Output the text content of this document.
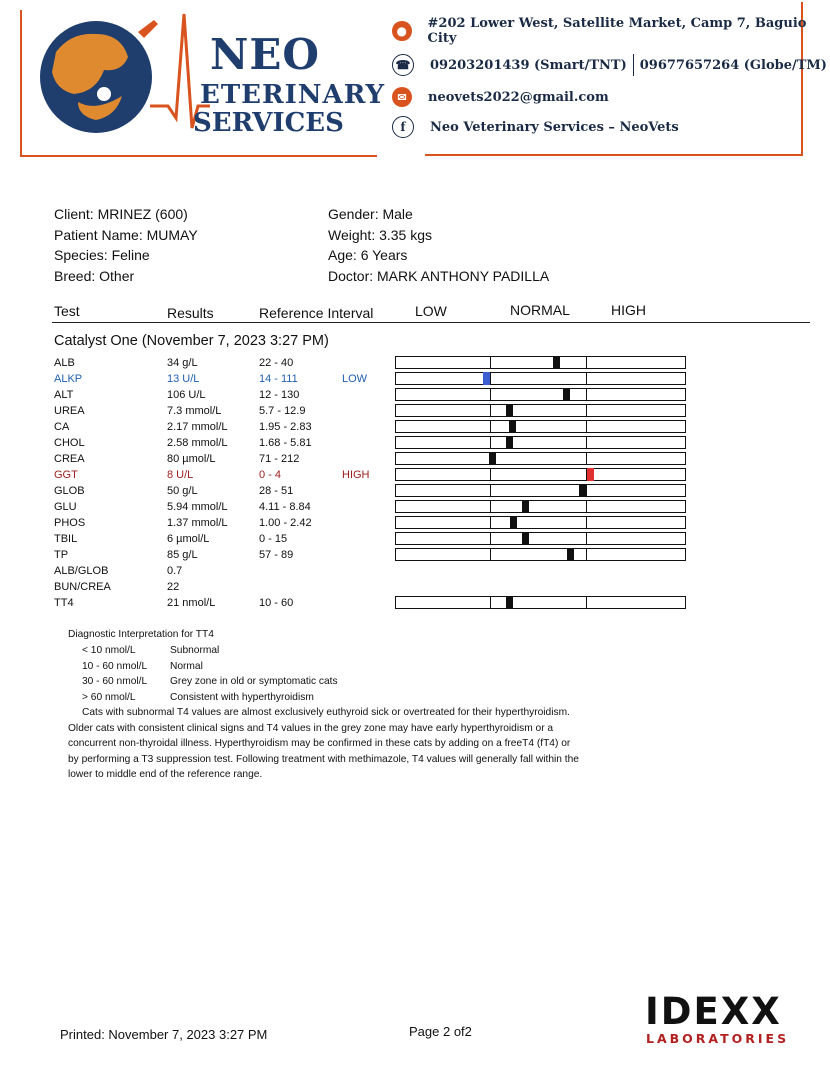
NEO
ETERINARY
SERVICES
●	#202 Lower West, Satellite Market, Camp 7, Baguio City
☎ 09203201439 (Smart/TNT) 09677657264 (Globe/TM)
✉	neovets2022@gmail.com
f	Neo Veterinary Services – NeoVets
Client: MRINEZ (600)
Patient Name: MUMAY
Species: Feline
Breed: Other
Gender: Male
Weight: 3.35 kgs
Age: 6 Years
Doctor: MARK ANTHONY PADILLA
Test	Results	Reference Interval	LOW	NORMAL	HIGH
Catalyst One (November 7, 2023 3:27 PM)
ALB	34 g/L	22 - 40
ALKP	13 U/L	14 - 111	LOW
ALT	106 U/L	12 - 130
UREA	7.3 mmol/L	5.7 - 12.9
CA	2.17 mmol/L	1.95 - 2.83
CHOL	2.58 mmol/L	1.68 - 5.81
CREA	80 µmol/L	71 - 212
GGT	8 U/L	0 - 4	HIGH
GLOB	50 g/L	28 - 51
GLU	5.94 mmol/L	4.11 - 8.84
PHOS	1.37 mmol/L	1.00 - 2.42
TBIL	6 µmol/L	0 - 15
TP	85 g/L	57 - 89
ALB/GLOB	0.7
BUN/CREA	22
TT4	21 nmol/L	10 - 60
Diagnostic Interpretation for TT4
< 10 nmol/L	Subnormal
10 - 60 nmol/L Normal
30 - 60 nmol/L Grey zone in old or symptomatic cats
> 60 nmol/L	Consistent with hyperthyroidism
Cats with subnormal T4 values are almost exclusively euthyroid sick or overtreated for their hyperthyroidism.
Older cats with consistent clinical signs and T4 values in the grey zone may have early hyperthyroidism or a
concurrent non-thyroidal illness. Hyperthyroidism may be confirmed in these cats by adding on a freeT4 (fT4) or
by performing a T3 suppression test. Following treatment with methimazole, T4 values will generally fall within the
lower to middle end of the reference range.
Printed: November 7, 2023 3:27 PM	Page 2 of2	IDEXX
LABORATORIES
